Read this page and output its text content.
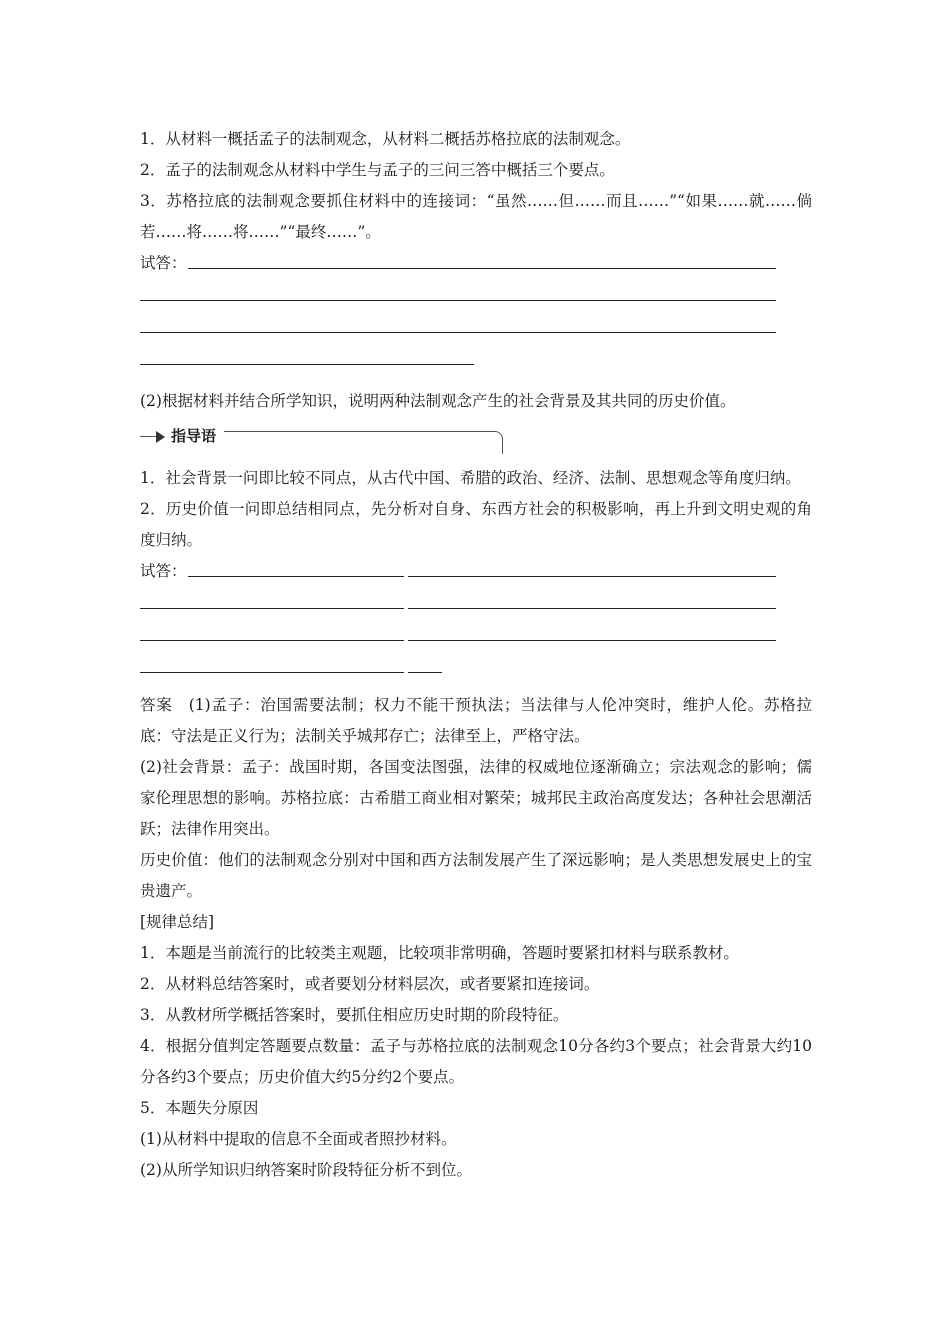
1．从材料一概括孟子的法制观念，从材料二概括苏格拉底的法制观念。
2．孟子的法制观念从材料中学生与孟子的三问三答中概括三个要点。
3．苏格拉底的法制观念要抓住材料中的连接词：“虽然……但……而且……”“如果……就……倘若……将……将……”“最终……”。
试答：
(2)根据材料并结合所学知识，说明两种法制观念产生的社会背景及其共同的历史价值。
指导语
1．社会背景一问即比较不同点，从古代中国、希腊的政治、经济、法制、思想观念等角度归纳。
2．历史价值一问即总结相同点，先分析对自身、东西方社会的积极影响，再上升到文明史观的角度归纳。
试答：
答案　(1)孟子：治国需要法制；权力不能干预执法；当法律与人伦冲突时，维护人伦。苏格拉底：守法是正义行为；法制关乎城邦存亡；法律至上，严格守法。
(2)社会背景：孟子：战国时期，各国变法图强，法律的权威地位逐渐确立；宗法观念的影响；儒家伦理思想的影响。苏格拉底：古希腊工商业相对繁荣；城邦民主政治高度发达；各种社会思潮活跃；法律作用突出。
历史价值：他们的法制观念分别对中国和西方法制发展产生了深远影响；是人类思想发展史上的宝贵遗产。
[规律总结]
1．本题是当前流行的比较类主观题，比较项非常明确，答题时要紧扣材料与联系教材。
2．从材料总结答案时，或者要划分材料层次，或者要紧扣连接词。
3．从教材所学概括答案时，要抓住相应历史时期的阶段特征。
4．根据分值判定答题要点数量：孟子与苏格拉底的法制观念10分各约3个要点；社会背景大约10分各约3个要点；历史价值大约5分约2个要点。
5．本题失分原因
(1)从材料中提取的信息不全面或者照抄材料。
(2)从所学知识归纳答案时阶段特征分析不到位。
